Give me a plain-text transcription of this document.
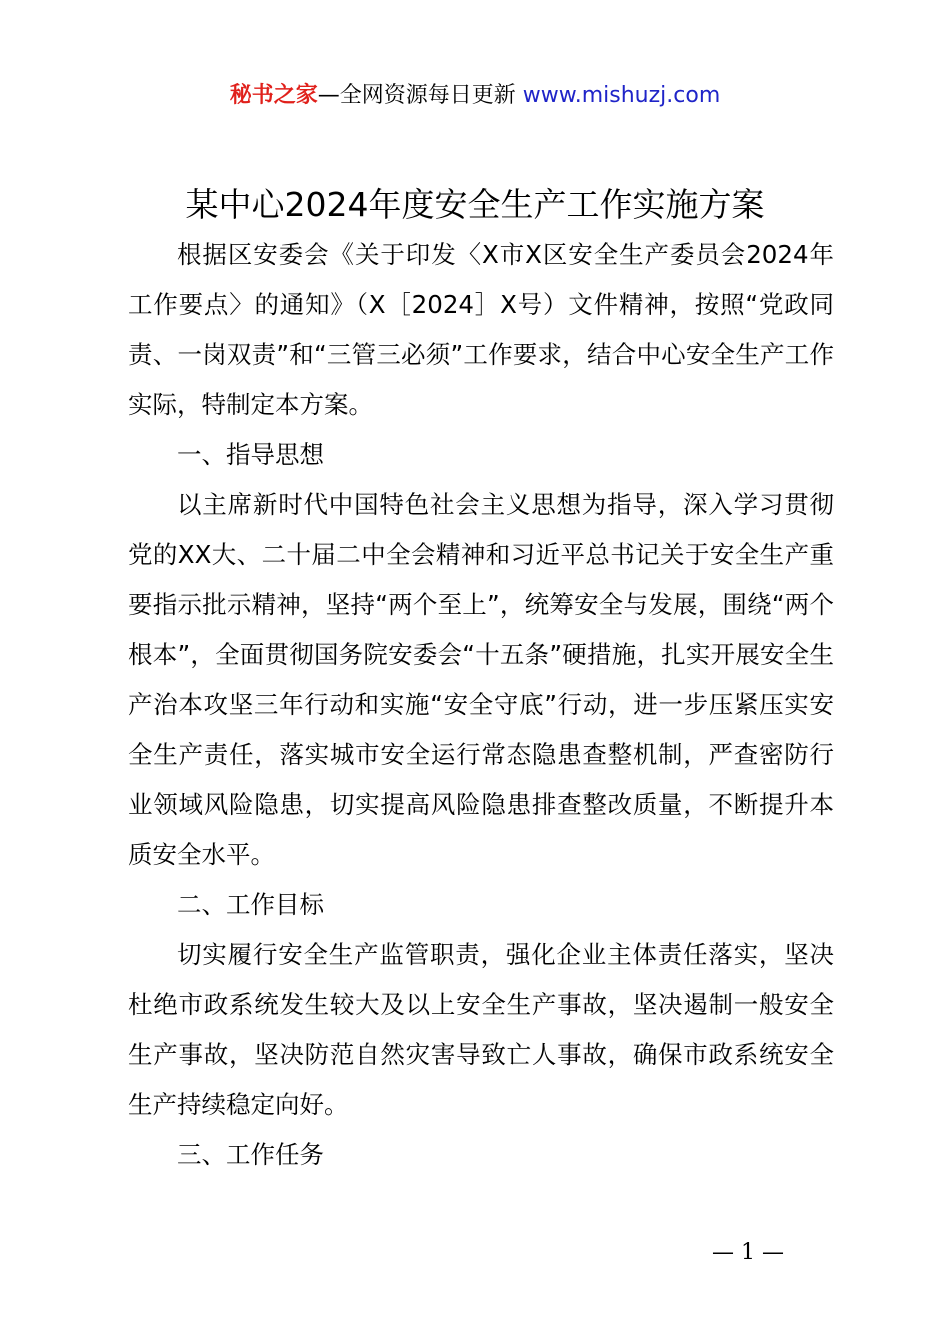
秘书之家—全网资源每日更新 www.mishuzj.com
某中心2024年度安全生产工作实施方案

根据区安委会《关于印发〈X市X区安全生产委员会2024年工作要点〉的通知》（X［2024］X号）文件精神，按照“党政同责、一岗双责”和“三管三必须”工作要求，结合中心安全生产工作实际，特制定本方案。

一、指导思想

以主席新时代中国特色社会主义思想为指导，深入学习贯彻党的XX大、二十届二中全会精神和习近平总书记关于安全生产重要指示批示精神，坚持“两个至上”，统筹安全与发展，围绕“两个根本”，全面贯彻国务院安委会“十五条”硬措施，扎实开展安全生产治本攻坚三年行动和实施“安全守底”行动，进一步压紧压实安全生产责任，落实城市安全运行常态隐患查整机制，严查密防行业领域风险隐患，切实提高风险隐患排查整改质量，不断提升本质安全水平。

二、工作目标

切实履行安全生产监管职责，强化企业主体责任落实，坚决杜绝市政系统发生较大及以上安全生产事故，坚决遏制一般安全生产事故，坚决防范自然灾害导致亡人事故，确保市政系统安全生产持续稳定向好。

三、工作任务

— 1 —
